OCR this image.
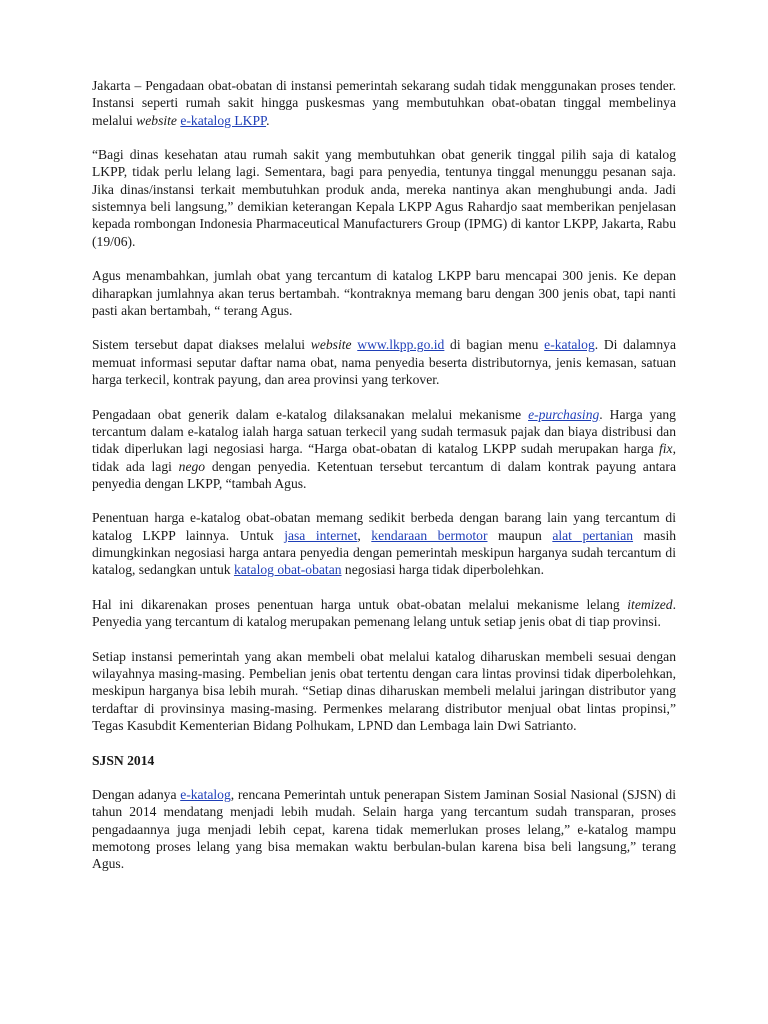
Jakarta – Pengadaan obat-obatan di instansi pemerintah sekarang sudah tidak menggunakan proses tender. Instansi seperti rumah sakit hingga puskesmas yang membutuhkan obat-obatan tinggal membelinya melalui website e-katalog LKPP.

“Bagi dinas kesehatan atau rumah sakit yang membutuhkan obat generik tinggal pilih saja di katalog LKPP, tidak perlu lelang lagi. Sementara, bagi para penyedia, tentunya tinggal menunggu pesanan saja. Jika dinas/instansi terkait membutuhkan produk anda, mereka nantinya akan menghubungi anda. Jadi sistemnya beli langsung,” demikian keterangan Kepala LKPP Agus Rahardjo saat memberikan penjelasan kepada rombongan Indonesia Pharmaceutical Manufacturers Group (IPMG) di kantor LKPP, Jakarta, Rabu (19/06).

Agus menambahkan, jumlah obat yang tercantum di katalog LKPP baru mencapai 300 jenis. Ke depan diharapkan jumlahnya akan terus bertambah. “kontraknya memang baru dengan 300 jenis obat, tapi nanti pasti akan bertambah, “ terang Agus.

Sistem tersebut dapat diakses melalui website www.lkpp.go.id di bagian menu e-katalog. Di dalamnya memuat informasi seputar daftar nama obat, nama penyedia beserta distributornya, jenis kemasan, satuan harga terkecil, kontrak payung, dan area provinsi yang terkover.

Pengadaan obat generik dalam e-katalog dilaksanakan melalui mekanisme e-purchasing. Harga yang tercantum dalam e-katalog ialah harga satuan terkecil yang sudah termasuk pajak dan biaya distribusi dan tidak diperlukan lagi negosiasi harga. “Harga obat-obatan di katalog LKPP sudah merupakan harga fix, tidak ada lagi nego dengan penyedia. Ketentuan tersebut tercantum di dalam kontrak payung antara penyedia dengan LKPP, “tambah Agus.

Penentuan harga e-katalog obat-obatan memang sedikit berbeda dengan barang lain yang tercantum di katalog LKPP lainnya. Untuk jasa internet, kendaraan bermotor maupun alat pertanian masih dimungkinkan negosiasi harga antara penyedia dengan pemerintah meskipun harganya sudah tercantum di katalog, sedangkan untuk katalog obat-obatan negosiasi harga tidak diperbolehkan.

Hal ini dikarenakan proses penentuan harga untuk obat-obatan melalui mekanisme lelang itemized. Penyedia yang tercantum di katalog merupakan pemenang lelang untuk setiap jenis obat di tiap provinsi.

Setiap instansi pemerintah yang akan membeli obat melalui katalog diharuskan membeli sesuai dengan wilayahnya masing-masing. Pembelian jenis obat tertentu dengan cara lintas provinsi tidak diperbolehkan, meskipun harganya bisa lebih murah. “Setiap dinas diharuskan membeli melalui jaringan distributor yang terdaftar di provinsinya masing-masing. Permenkes melarang distributor menjual obat lintas propinsi,” Tegas Kasubdit Kementerian Bidang Polhukam, LPND dan Lembaga lain Dwi Satrianto.

SJSN 2014

Dengan adanya e-katalog, rencana Pemerintah untuk penerapan Sistem Jaminan Sosial Nasional (SJSN) di tahun 2014 mendatang menjadi lebih mudah. Selain harga yang tercantum sudah transparan, proses pengadaannya juga menjadi lebih cepat, karena tidak memerlukan proses lelang,” e-katalog mampu memotong proses lelang yang bisa memakan waktu berbulan-bulan karena bisa beli langsung,” terang Agus.
